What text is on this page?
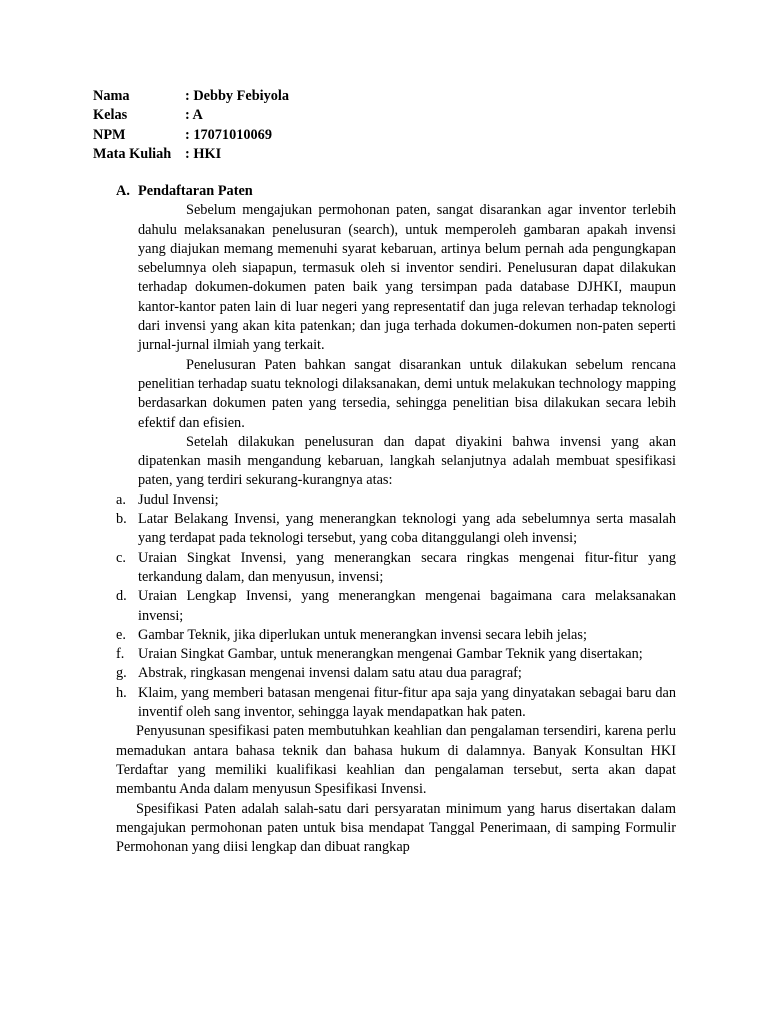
Nama	: Debby Febiyola
Kelas	: A
NPM	: 17071010069
Mata Kuliah : HKI
A. Pendaftaran Paten

Sebelum mengajukan permohonan paten, sangat disarankan agar inventor terlebih dahulu melaksanakan penelusuran (search), untuk memperoleh gambaran apakah invensi yang diajukan memang memenuhi syarat kebaruan, artinya belum pernah ada pengungkapan sebelumnya oleh siapapun, termasuk oleh si inventor sendiri. Penelusuran dapat dilakukan terhadap dokumen-dokumen paten baik yang tersimpan pada database DJHKI, maupun kantor-kantor paten lain di luar negeri yang representatif dan juga relevan terhadap teknologi dari invensi yang akan kita patenkan; dan juga terhada dokumen-dokumen non-paten seperti jurnal-jurnal ilmiah yang terkait.

Penelusuran Paten bahkan sangat disarankan untuk dilakukan sebelum rencana penelitian terhadap suatu teknologi dilaksanakan, demi untuk melakukan technology mapping berdasarkan dokumen paten yang tersedia, sehingga penelitian bisa dilakukan secara lebih efektif dan efisien.

Setelah dilakukan penelusuran dan dapat diyakini bahwa invensi yang akan dipatenkan masih mengandung kebaruan, langkah selanjutnya adalah membuat spesifikasi paten, yang terdiri sekurang-kurangnya atas:

a. Judul Invensi;
b. Latar Belakang Invensi, yang menerangkan teknologi yang ada sebelumnya serta masalah yang terdapat pada teknologi tersebut, yang coba ditanggulangi oleh invensi;
c. Uraian Singkat Invensi, yang menerangkan secara ringkas mengenai fitur-fitur yang terkandung dalam, dan menyusun, invensi;
d. Uraian Lengkap Invensi, yang menerangkan mengenai bagaimana cara melaksanakan invensi;
e. Gambar Teknik, jika diperlukan untuk menerangkan invensi secara lebih jelas;
f. Uraian Singkat Gambar, untuk menerangkan mengenai Gambar Teknik yang disertakan;
g. Abstrak, ringkasan mengenai invensi dalam satu atau dua paragraf;
h. Klaim, yang memberi batasan mengenai fitur-fitur apa saja yang dinyatakan sebagai baru dan inventif oleh sang inventor, sehingga layak mendapatkan hak paten.

Penyusunan spesifikasi paten membutuhkan keahlian dan pengalaman tersendiri, karena perlu memadukan antara bahasa teknik dan bahasa hukum di dalamnya. Banyak Konsultan HKI Terdaftar yang memiliki kualifikasi keahlian dan pengalaman tersebut, serta akan dapat membantu Anda dalam menyusun Spesifikasi Invensi.

Spesifikasi Paten adalah salah-satu dari persyaratan minimum yang harus disertakan dalam mengajukan permohonan paten untuk bisa mendapat Tanggal Penerimaan, di samping Formulir Permohonan yang diisi lengkap dan dibuat rangkap
